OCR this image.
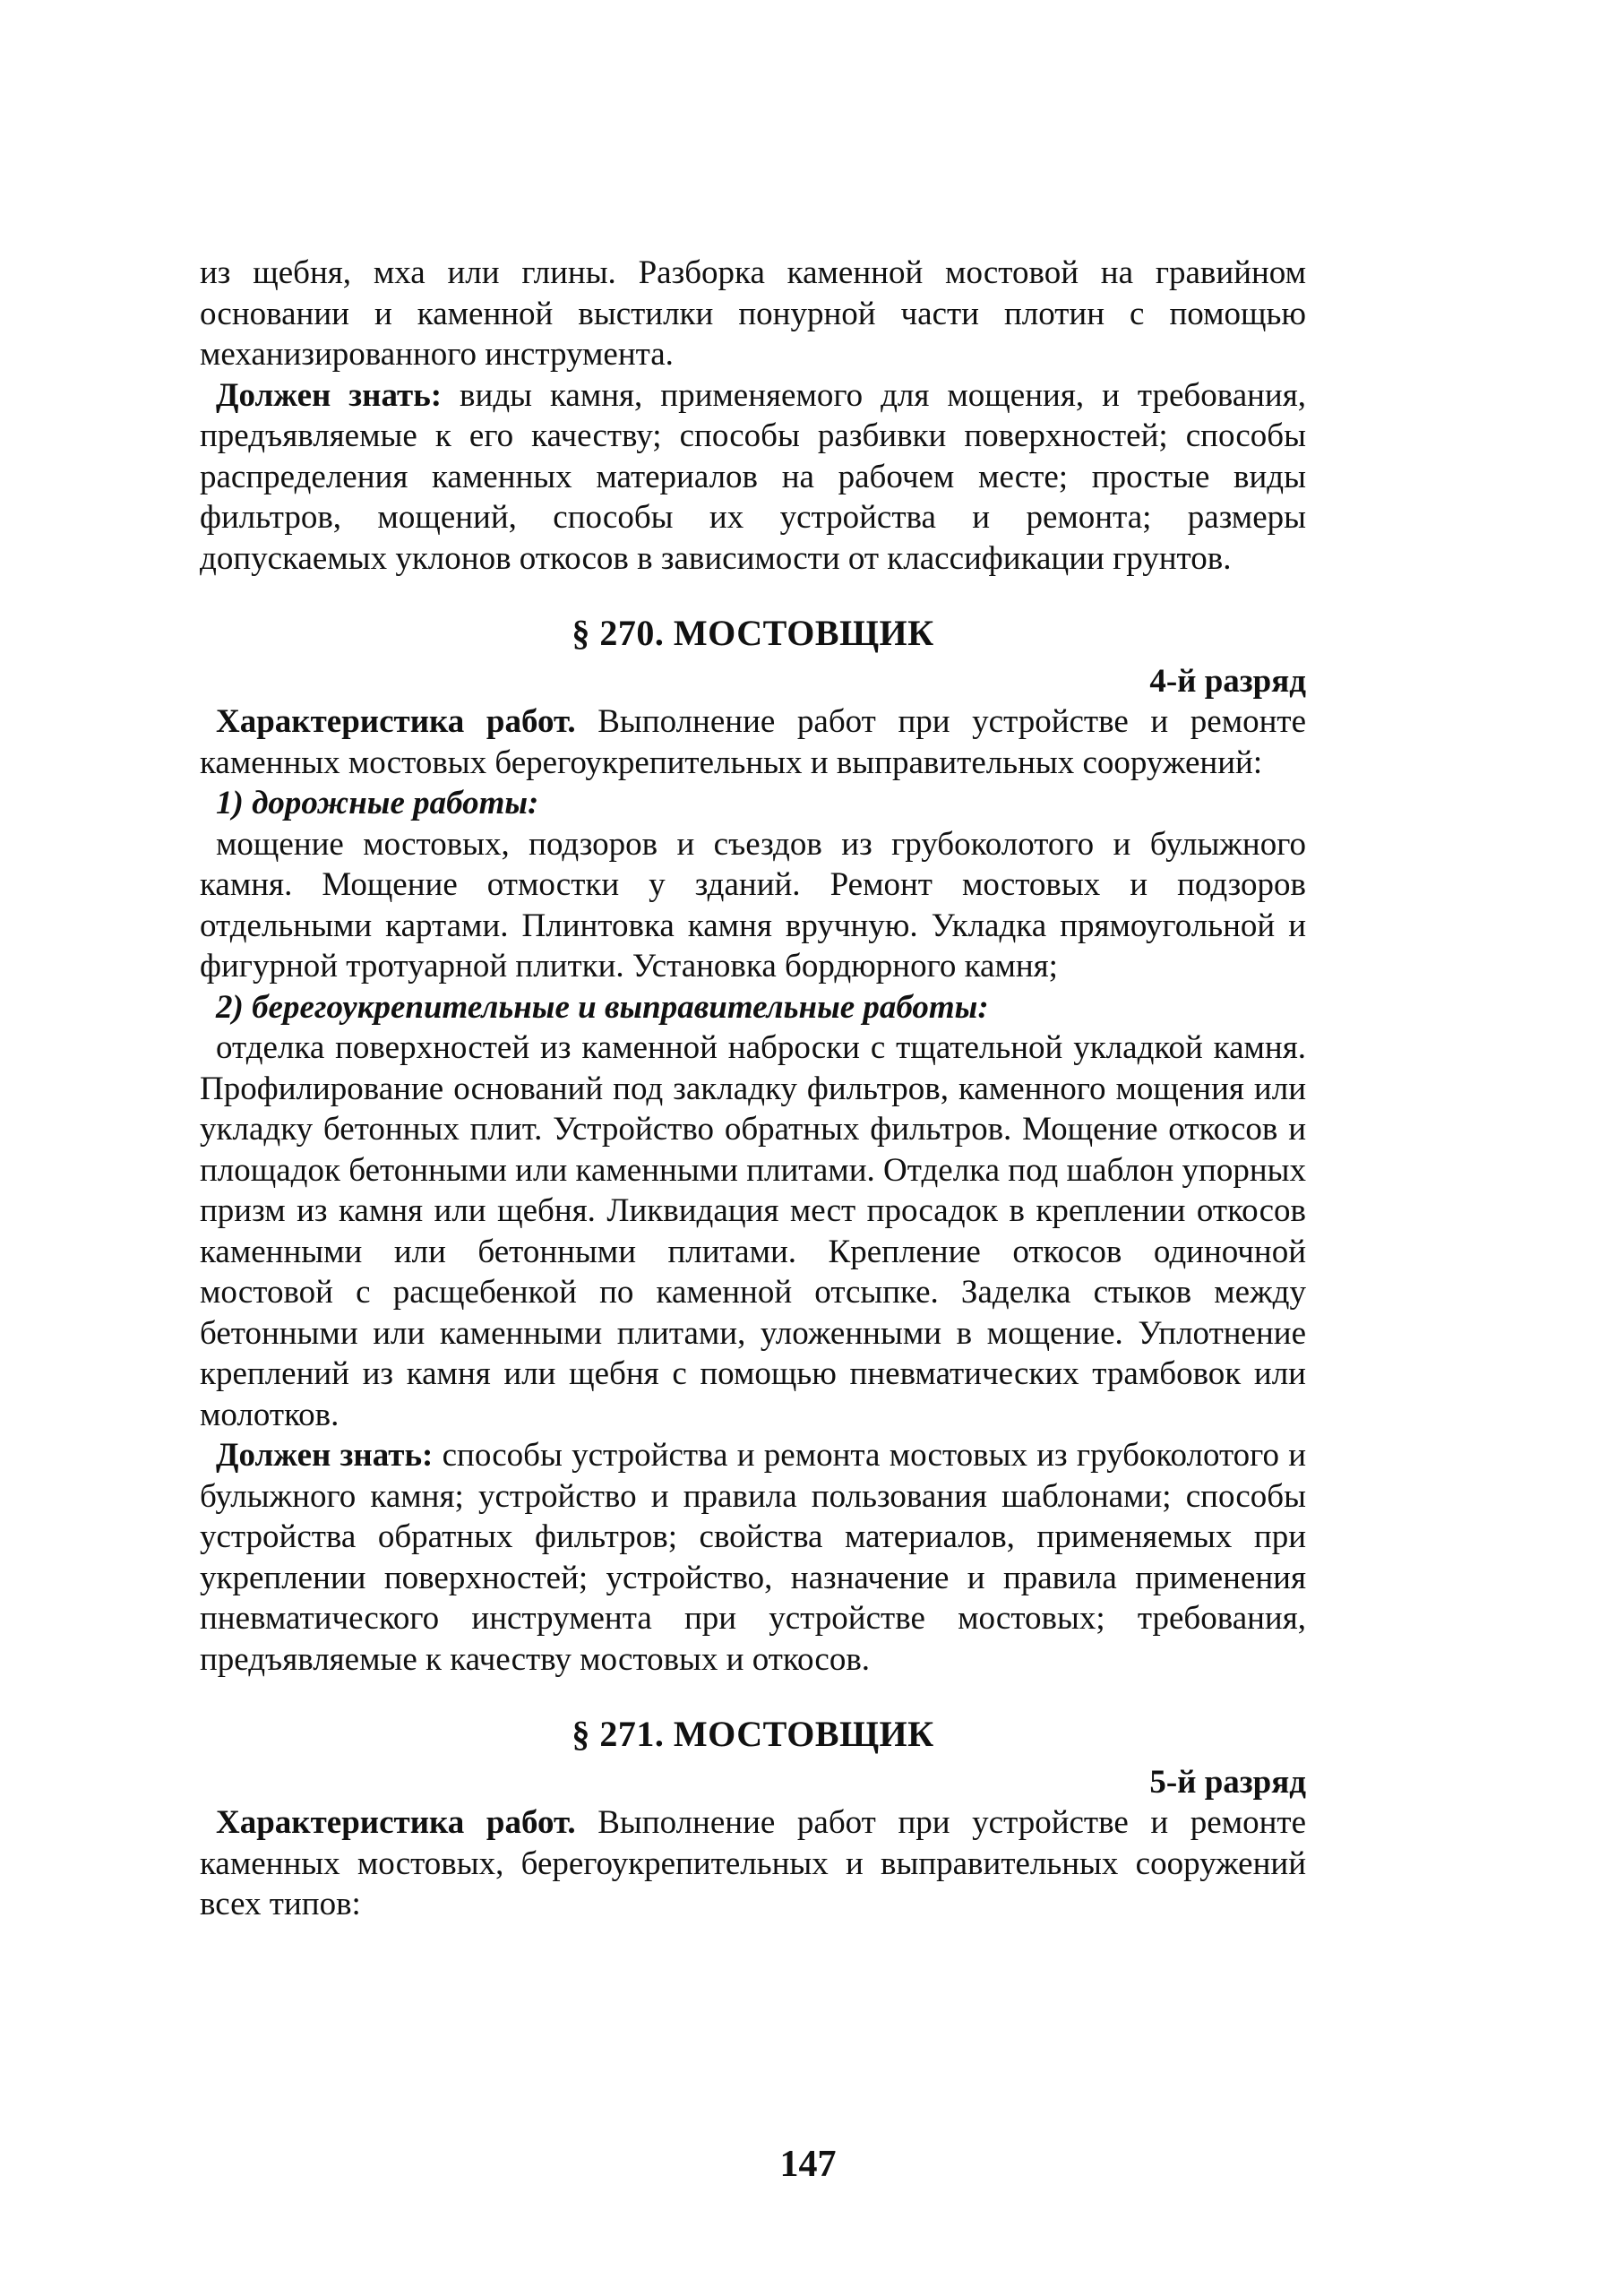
из щебня, мха или глины. Разборка каменной мостовой на гравийном основании и каменной выстилки понурной части плотин с помощью механизированного инструмента.

Должен знать: виды камня, применяемого для мощения, и требования, предъявляемые к его качеству; способы разбивки поверхностей; способы распределения каменных материалов на рабочем месте; простые виды фильтров, мощений, способы их устройства и ремонта; размеры допускаемых уклонов откосов в зависимости от классификации грунтов.

§ 270. МОСТОВЩИК

4-й разряд

Характеристика работ. Выполнение работ при устройстве и ремонте каменных мостовых берегоукрепительных и выправительных сооружений:

1) дорожные работы:

мощение мостовых, подзоров и съездов из грубоколотого и булыжного камня. Мощение отмостки у зданий. Ремонт мостовых и подзоров отдельными картами. Плинтовка камня вручную. Укладка прямоугольной и фигурной тротуарной плитки. Установка бордюрного камня;

2) берегоукрепительные и выправительные работы:

отделка поверхностей из каменной наброски с тщательной укладкой камня. Профилирование оснований под закладку фильтров, каменного мощения или укладку бетонных плит. Устройство обратных фильтров. Мощение откосов и площадок бетонными или каменными плитами. Отделка под шаблон упорных призм из камня или щебня. Ликвидация мест просадок в креплении откосов каменными или бетонными плитами. Крепление откосов одиночной мостовой с расщебенкой по каменной отсыпке. Заделка стыков между бетонными или каменными плитами, уложенными в мощение. Уплотнение креплений из камня или щебня с помощью пневматических трамбовок или молотков.

Должен знать: способы устройства и ремонта мостовых из грубоколотого и булыжного камня; устройство и правила пользования шаблонами; способы устройства обратных фильтров; свойства материалов, применяемых при укреплении поверхностей; устройство, назначение и правила применения пневматического инструмента при устройстве мостовых; требования, предъявляемые к качеству мостовых и откосов.

§ 271. МОСТОВЩИК

5-й разряд

Характеристика работ. Выполнение работ при устройстве и ремонте каменных мостовых, берегоукрепительных и выправительных сооружений всех типов:

147
